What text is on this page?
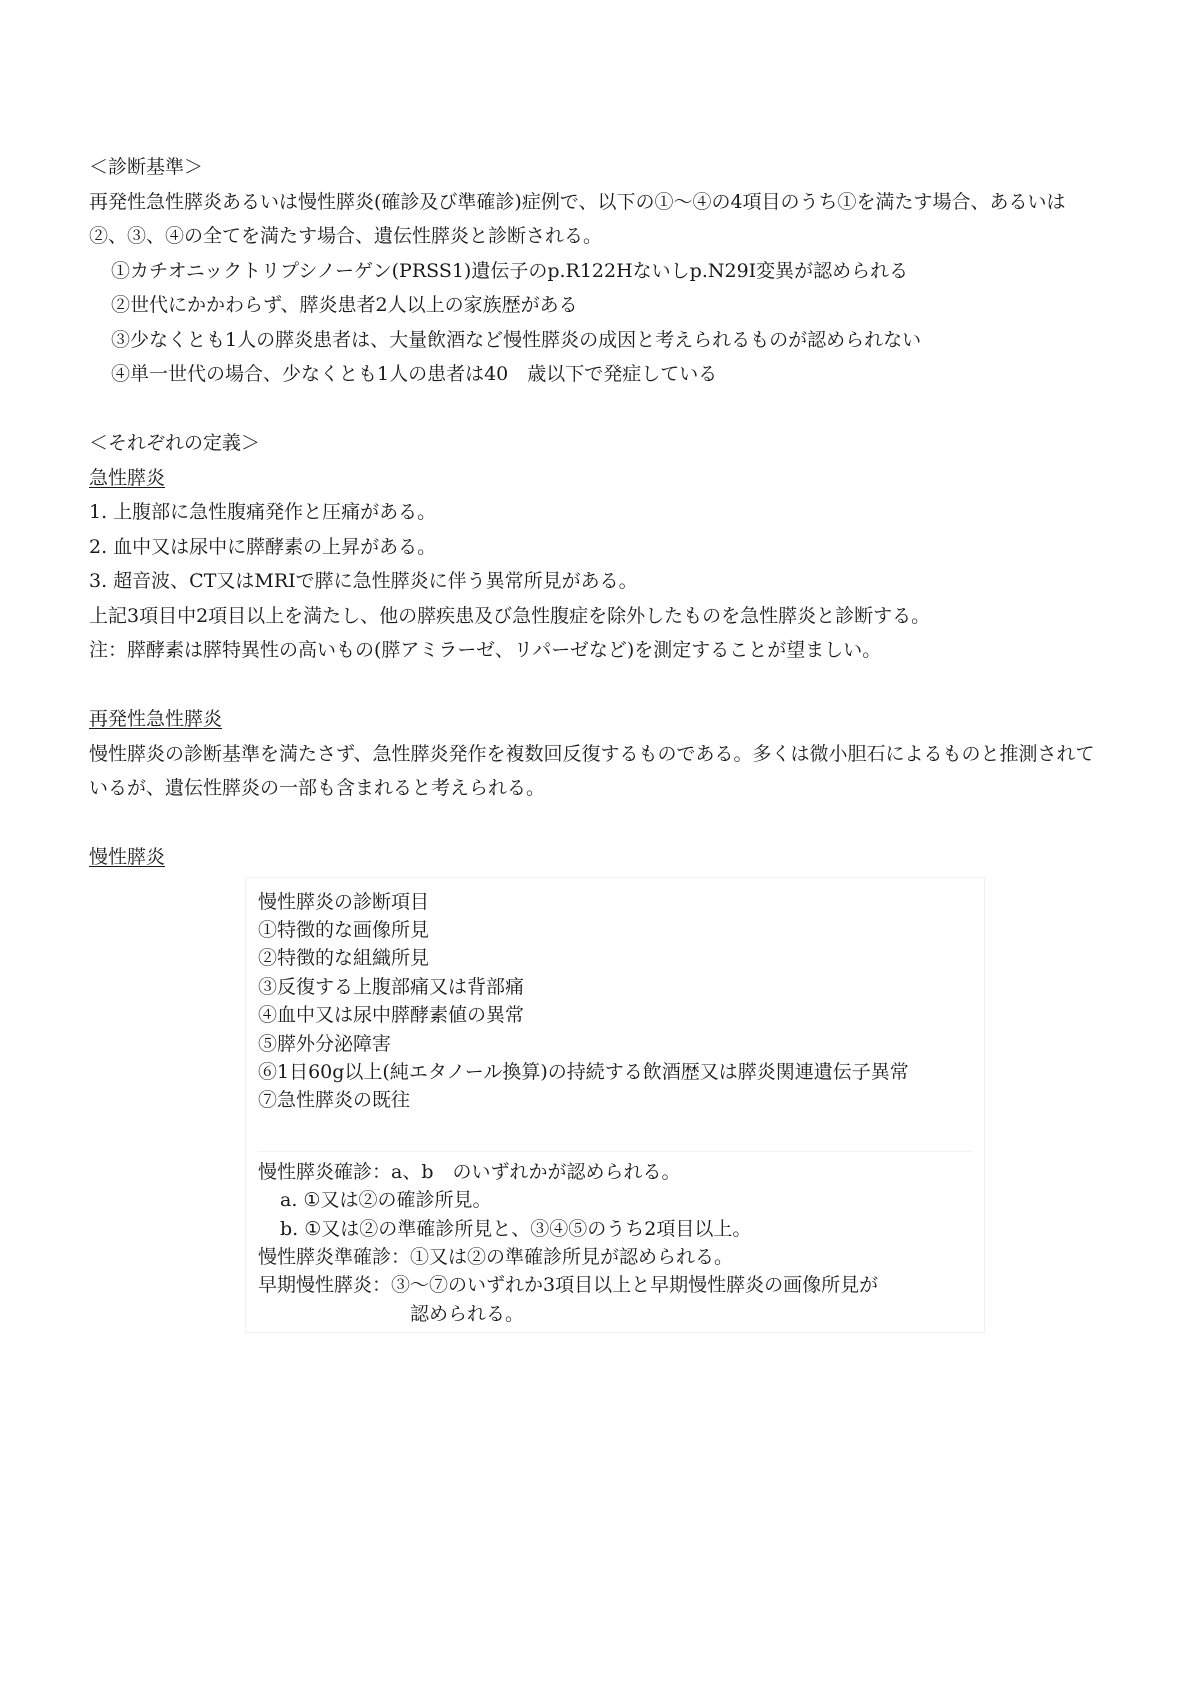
＜診断基準＞
再発性急性膵炎あるいは慢性膵炎(確診及び準確診)症例で、以下の①～④の4項目のうち①を満たす場合、あるいは②、③、④の全てを満たす場合、遺伝性膵炎と診断される。
①カチオニックトリプシノーゲン(PRSS1)遺伝子のp.R122Hないしp.N29I変異が認められる
②世代にかかわらず、膵炎患者2人以上の家族歴がある
③少なくとも1人の膵炎患者は、大量飲酒など慢性膵炎の成因と考えられるものが認められない
④単一世代の場合、少なくとも1人の患者は40　歳以下で発症している
＜それぞれの定義＞
急性膵炎
1. 上腹部に急性腹痛発作と圧痛がある。
2. 血中又は尿中に膵酵素の上昇がある。
3. 超音波、CT又はMRIで膵に急性膵炎に伴う異常所見がある。
上記3項目中2項目以上を満たし、他の膵疾患及び急性腹症を除外したものを急性膵炎と診断する。
注：膵酵素は膵特異性の高いもの(膵アミラーゼ、リパーゼなど)を測定することが望ましい。
再発性急性膵炎
慢性膵炎の診断基準を満たさず、急性膵炎発作を複数回反復するものである。多くは微小胆石によるものと推測されているが、遺伝性膵炎の一部も含まれると考えられる。
慢性膵炎
慢性膵炎の診断項目
①特徴的な画像所見
②特徴的な組織所見
③反復する上腹部痛又は背部痛
④血中又は尿中膵酵素値の異常
⑤膵外分泌障害
⑥1日60g以上(純エタノール換算)の持続する飲酒歴又は膵炎関連遺伝子異常
⑦急性膵炎の既往
慢性膵炎確診：a、b　のいずれかが認められる。
a. ①又は②の確診所見。
b. ①又は②の準確診所見と、③④⑤のうち2項目以上。
慢性膵炎準確診：①又は②の準確診所見が認められる。
早期慢性膵炎：③～⑦のいずれか3項目以上と早期慢性膵炎の画像所見が
認められる。
